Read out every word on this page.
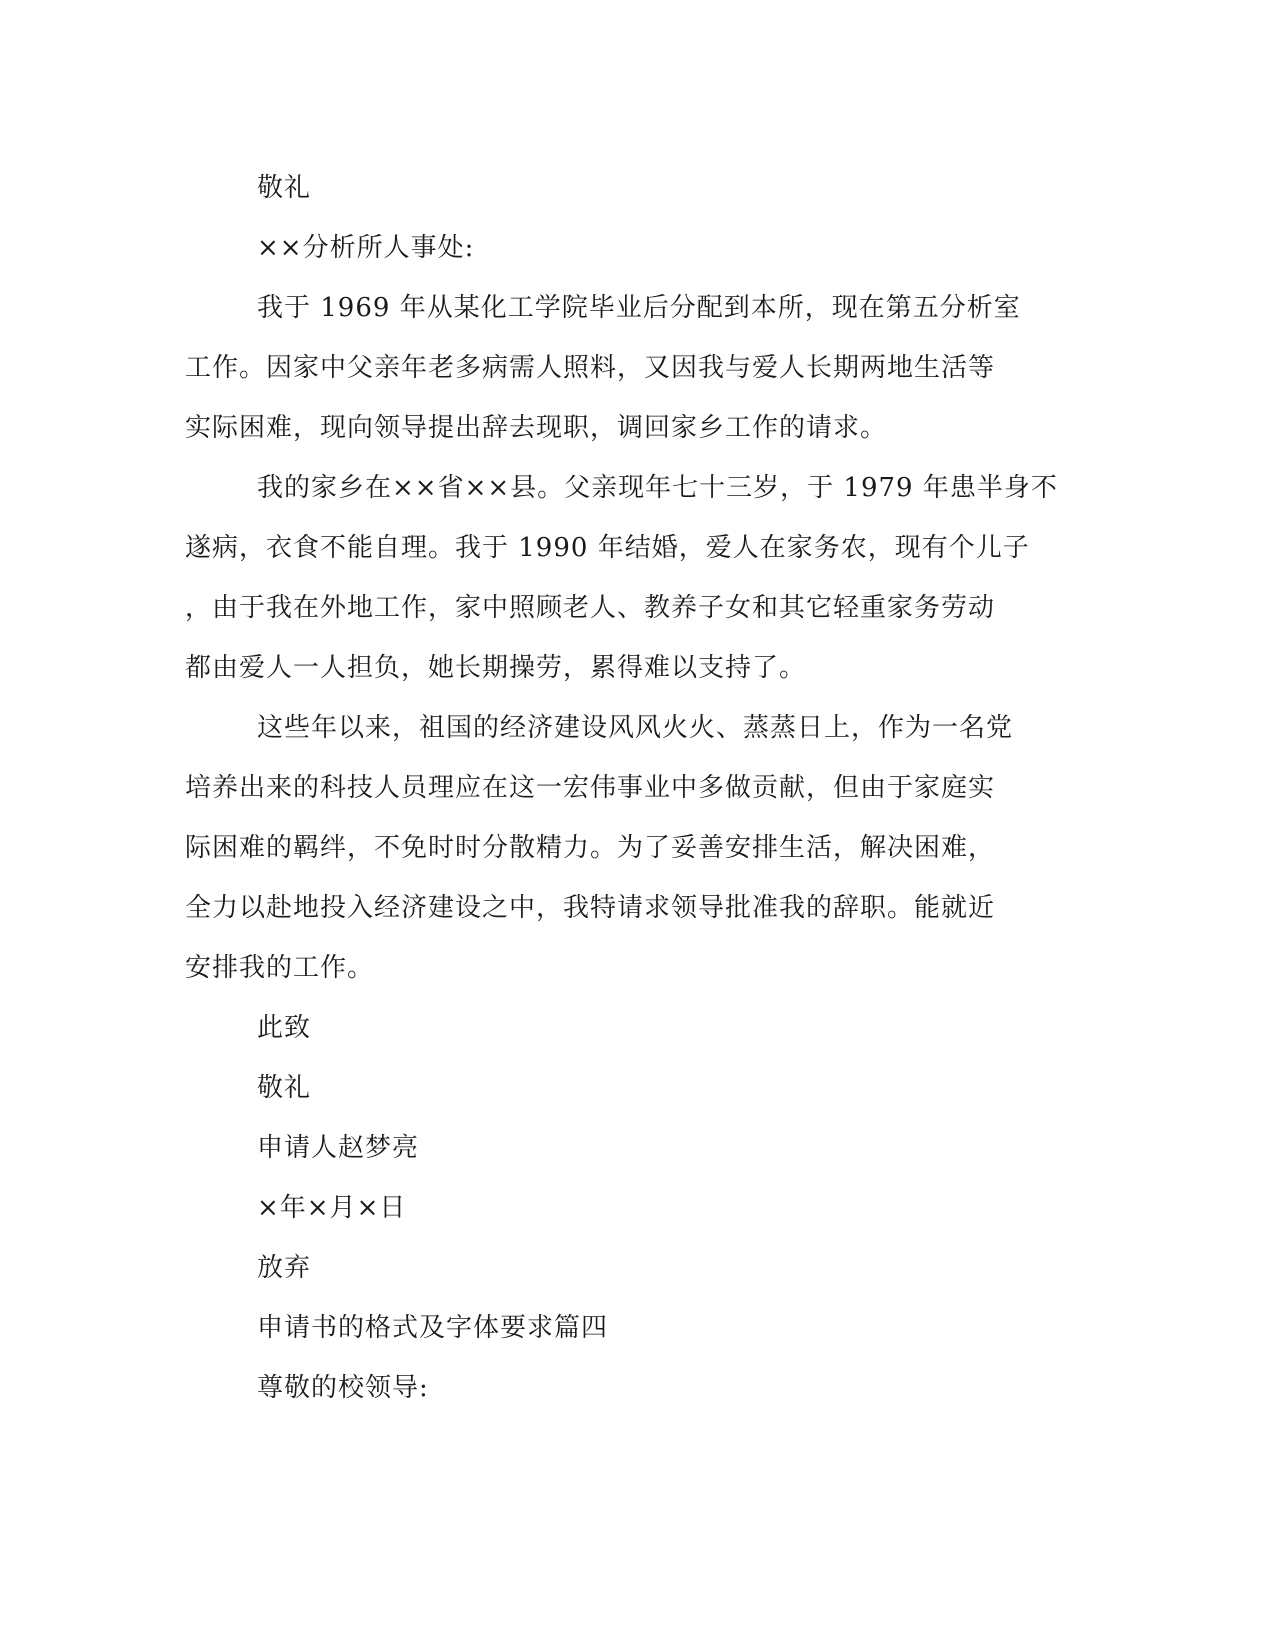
敬礼
××分析所人事处:
我于 1969 年从某化工学院毕业后分配到本所，现在第五分析室
工作。因家中父亲年老多病需人照料，又因我与爱人长期两地生活等
实际困难，现向领导提出辞去现职，调回家乡工作的请求。
我的家乡在××省××县。父亲现年七十三岁，于 1979 年患半身不
遂病，衣食不能自理。我于 1990 年结婚，爱人在家务农，现有个儿子
，由于我在外地工作，家中照顾老人、教养子女和其它轻重家务劳动
都由爱人一人担负，她长期操劳，累得难以支持了。
这些年以来，祖国的经济建设风风火火、蒸蒸日上，作为一名党
培养出来的科技人员理应在这一宏伟事业中多做贡献，但由于家庭实
际困难的羁绊，不免时时分散精力。为了妥善安排生活，解决困难，
全力以赴地投入经济建设之中，我特请求领导批准我的辞职。能就近
安排我的工作。
此致
敬礼
申请人赵梦亮
×年×月×日
放弃
申请书的格式及字体要求篇四
尊敬的校领导:
